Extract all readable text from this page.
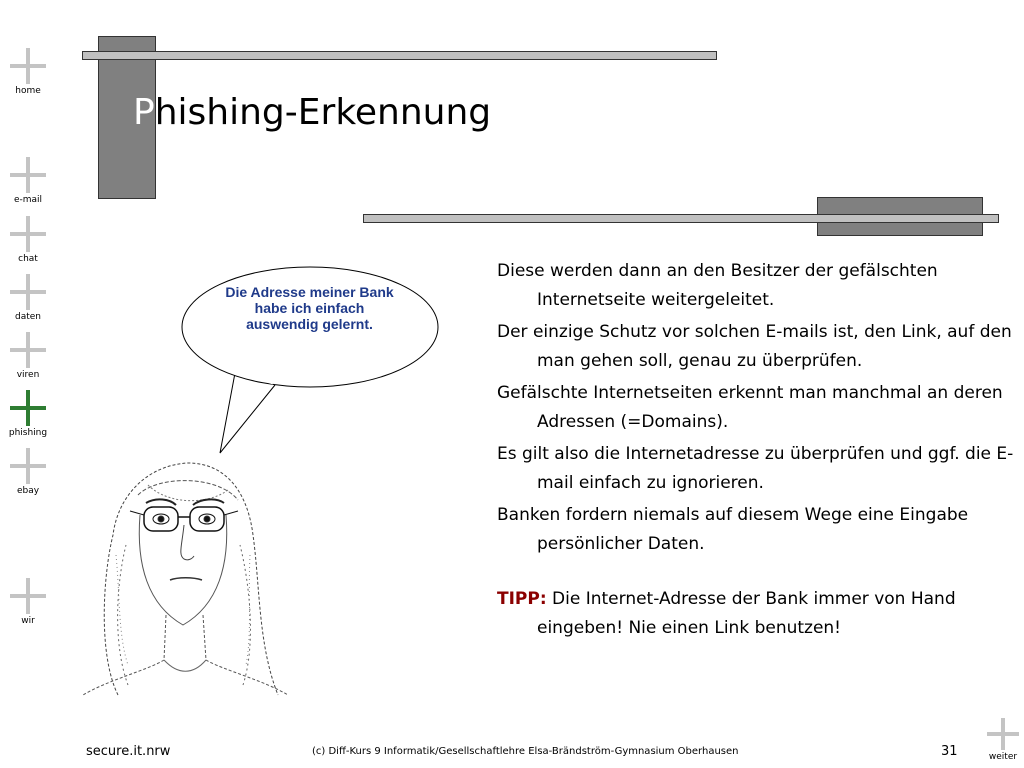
Phishing-Erkennung
home
e-mail
chat
daten
viren
phishing
ebay
wir
Die Adresse meiner Bank habe ich einfach auswendig gelernt.

Diese werden dann an den Besitzer der gefälschten Internetseite weitergeleitet.

Der einzige Schutz vor solchen E-mails ist, den Link, auf den man gehen soll, genau zu überprüfen.

Gefälschte Internetseiten erkennt man manchmal an deren Adressen (=Domains).

Es gilt also die Internetadresse zu überprüfen und ggf. die E-mail einfach zu ignorieren.

Banken fordern niemals auf diesem Wege eine Eingabe persönlicher Daten.

TIPP: Die Internet-Adresse der Bank immer von Hand eingeben! Nie einen Link benutzen!

secure.it.nrw	(c) Diff-Kurs 9 Informatik/Gesellschaftlehre Elsa-Brändström-Gymnasium Oberhausen	31	weiter
